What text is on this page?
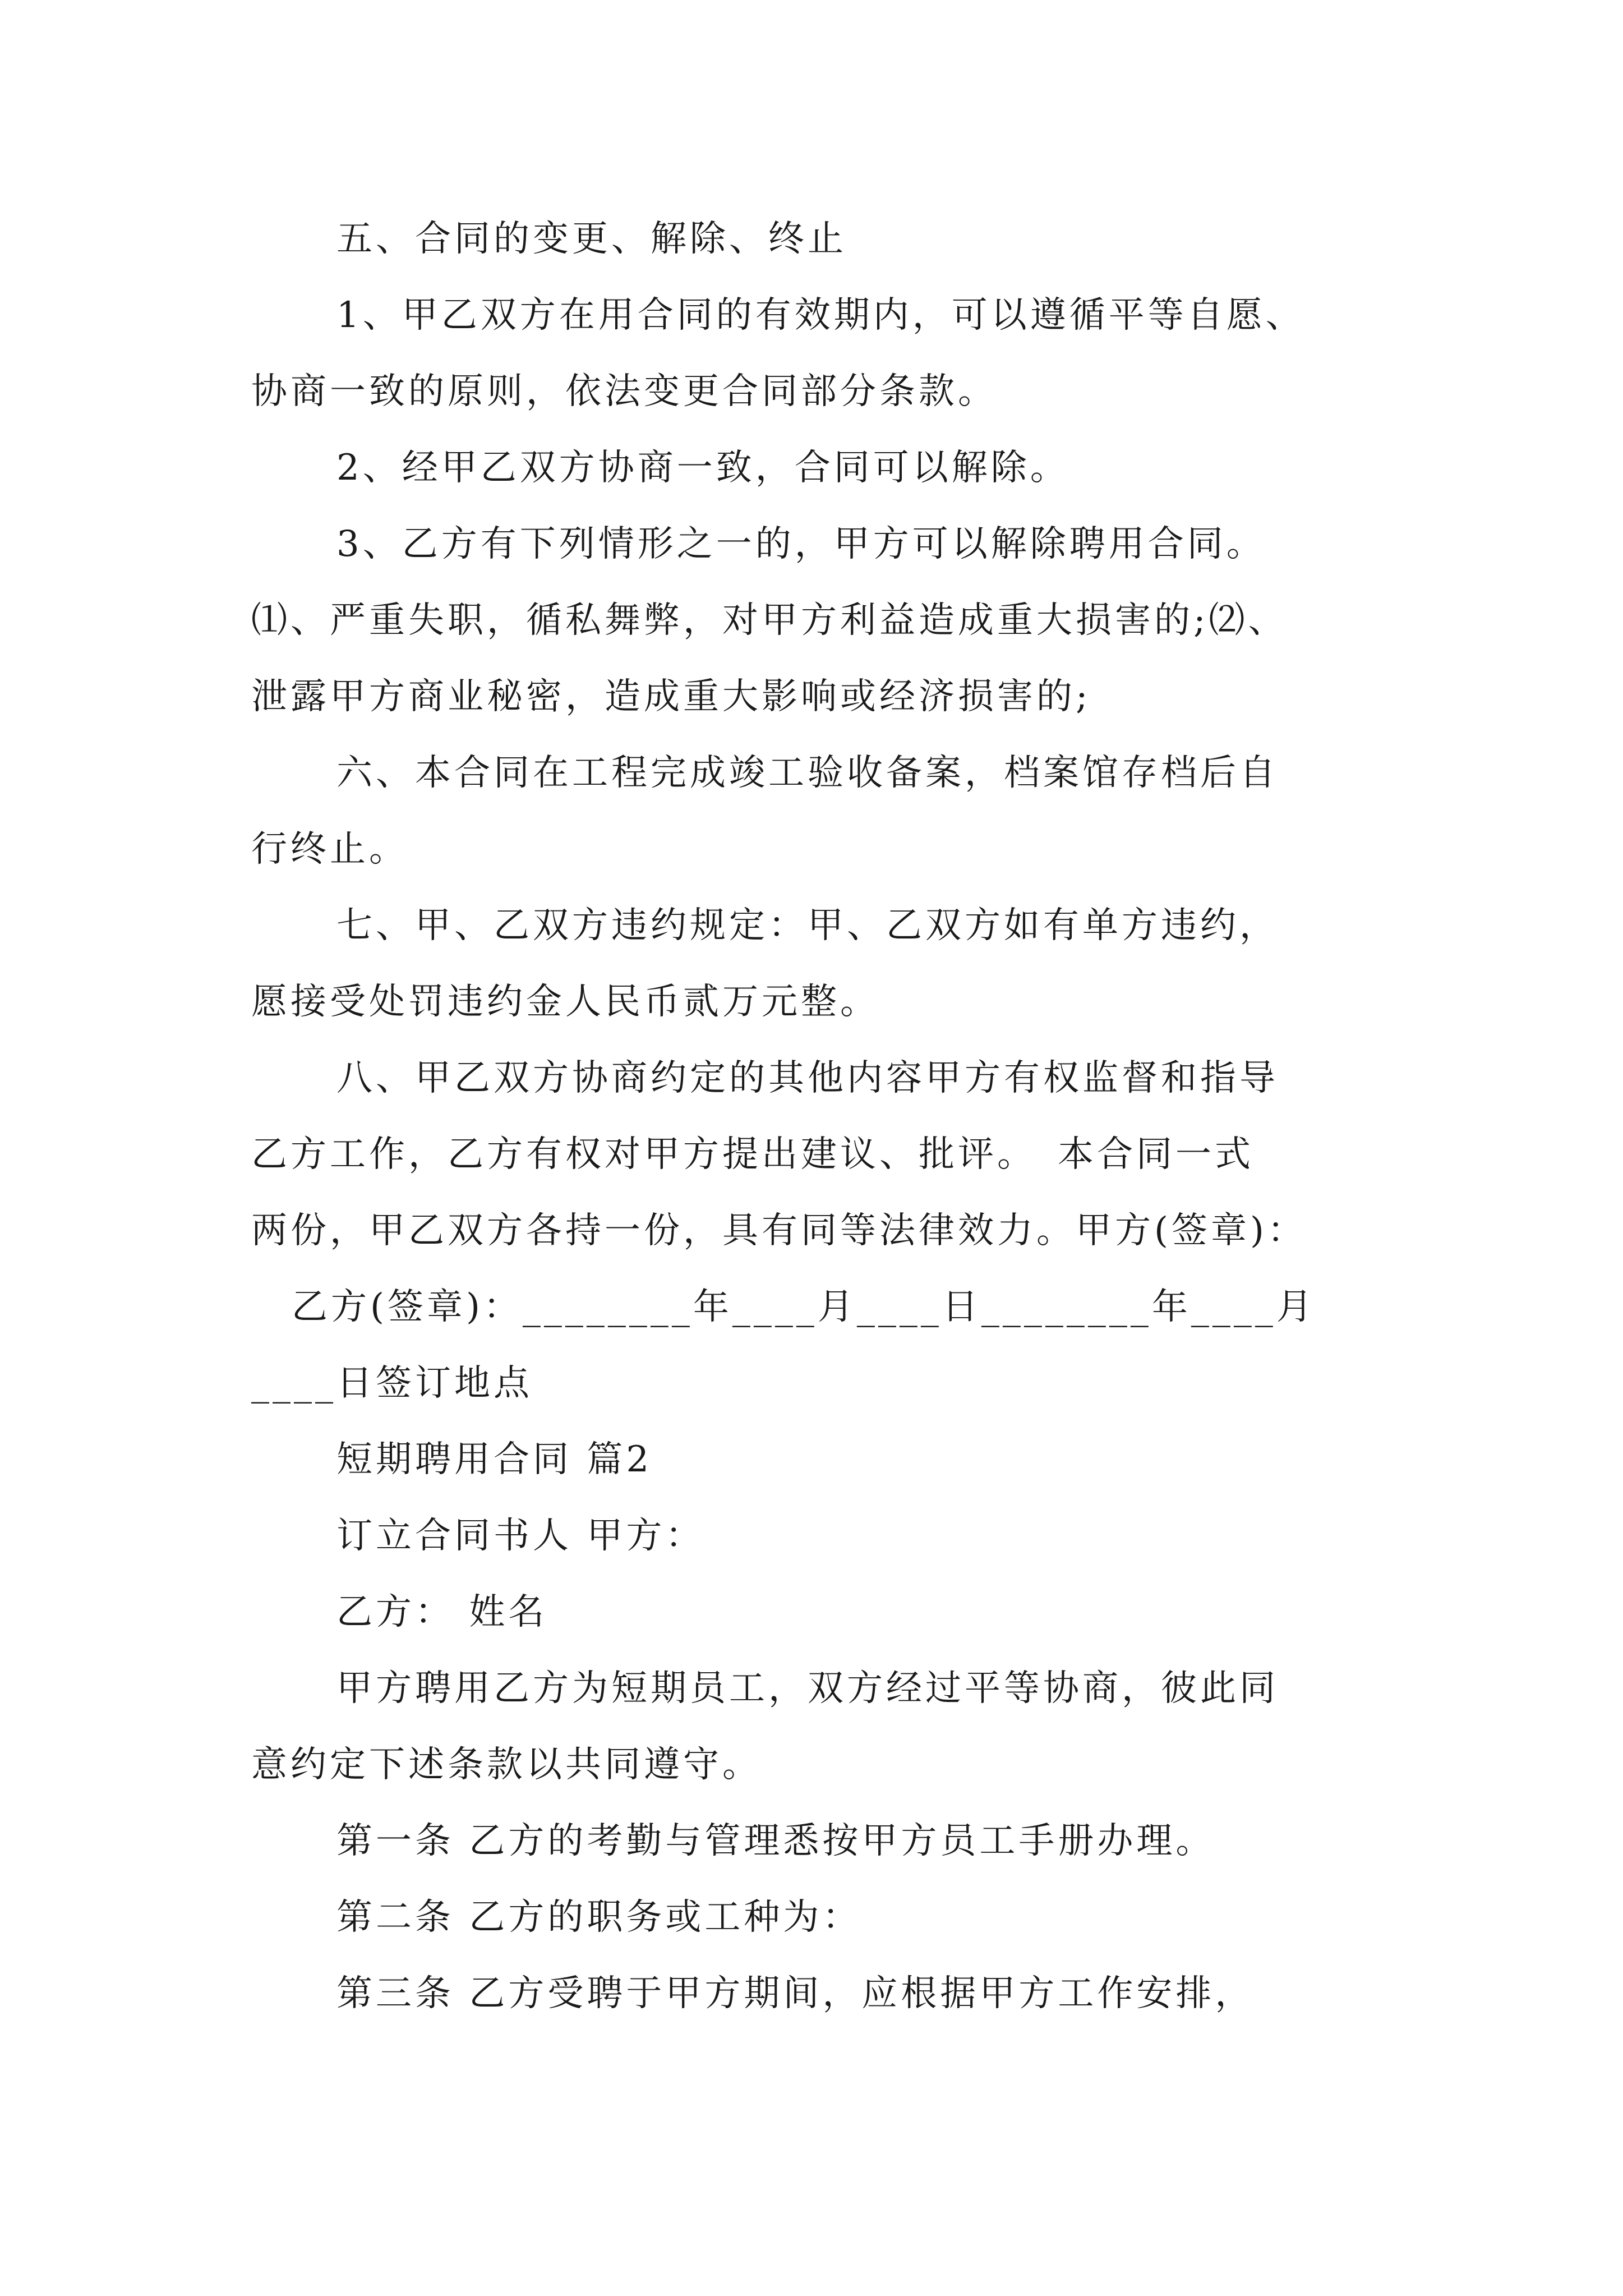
五、合同的变更、解除、终止
1、甲乙双方在用合同的有效期内，可以遵循平等自愿、
协商一致的原则，依法变更合同部分条款。
2、经甲乙双方协商一致，合同可以解除。
3、乙方有下列情形之一的，甲方可以解除聘用合同。
⑴、严重失职，循私舞弊，对甲方利益造成重大损害的;⑵、
泄露甲方商业秘密，造成重大影响或经济损害的;
六、本合同在工程完成竣工验收备案，档案馆存档后自
行终止。
七、甲、乙双方违约规定：甲、乙双方如有单方违约，
愿接受处罚违约金人民币贰万元整。
八、甲乙双方协商约定的其他内容甲方有权监督和指导
乙方工作，乙方有权对甲方提出建议、批评。　本合同一式
两份，甲乙双方各持一份，具有同等法律效力。甲方(签章)：
乙方(签章)：________年____月____日________年____月
____日签订地点
短期聘用合同 篇2
订立合同书人 甲方：
乙方： 姓名
甲方聘用乙方为短期员工，双方经过平等协商，彼此同
意约定下述条款以共同遵守。
第一条 乙方的考勤与管理悉按甲方员工手册办理。
第二条 乙方的职务或工种为：
第三条 乙方受聘于甲方期间，应根据甲方工作安排，
